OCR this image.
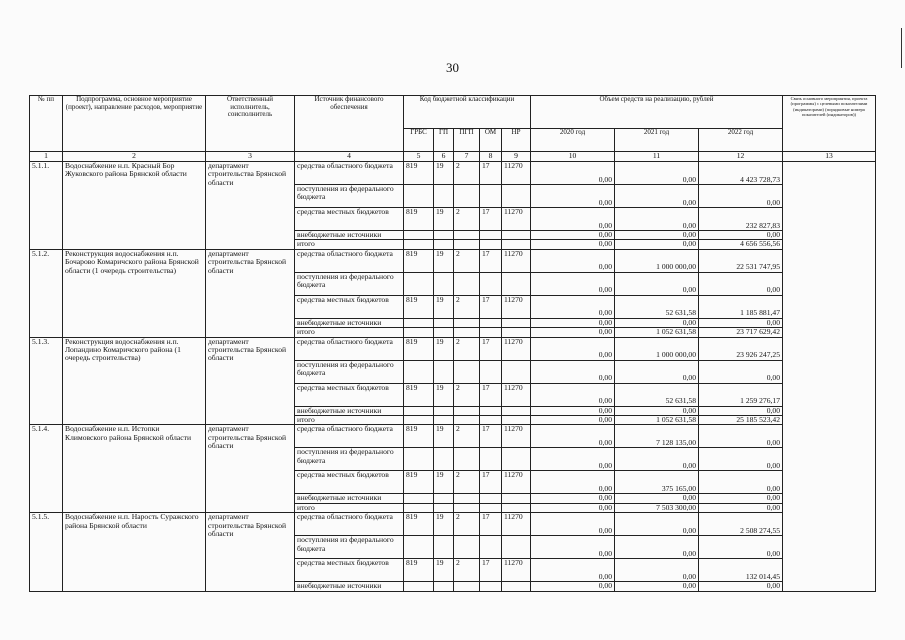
30
№ пп	Подпрограмма, основное мероприятие (проект), направление расходов, мероприятие	Ответственный исполнитель, соисполнитель	Источник финансового обеспечения	Код бюджетной классификации					Объем средств на реализацию, рублей			Связь основного мероприятия, проекта (программы) с целевыми показателями (индикаторами) (порядковые номера показателей (индикаторов))
				ГРБС	ГП	ПГП	ОМ	НР	2020 год	2021 год	2022 год	
1	2	3	4	5	6	7	8	9	10	11	12	13
5.1.1.	Водоснабжение н.п. Красный Бор Жуковского района Брянской области	департамент строительства Брянской области	средства областного бюджета	819	19	2	17	11270	0,00	0,00	4 423 728,73	
			поступления из федерального бюджета						0,00	0,00	0,00	
			средства местных бюджетов	819	19	2	17	11270	0,00	0,00	232 827,83	
			внебюджетные источники						0,00	0,00	0,00	
			итого						0,00	0,00	4 656 556,56	
5.1.2.	Реконструкция водоснабжения н.п. Бочарово Комаричского района Брянской области (1 очередь строительства)	департамент строительства Брянской области	средства областного бюджета	819	19	2	17	11270	0,00	1 000 000,00	22 531 747,95	
			поступления из федерального бюджета						0,00	0,00	0,00	
			средства местных бюджетов	819	19	2	17	11270	0,00	52 631,58	1 185 881,47	
			внебюджетные источники						0,00	0,00	0,00	
			итого						0,00	1 052 631,58	23 717 629,42	
5.1.3.	Реконструкция водоснабжения н.п. Лопандино Комаричского района (1 очередь строительства)	департамент строительства Брянской области	средства областного бюджета	819	19	2	17	11270	0,00	1 000 000,00	23 926 247,25	
			поступления из федерального бюджета						0,00	0,00	0,00	
			средства местных бюджетов	819	19	2	17	11270	0,00	52 631,58	1 259 276,17	
			внебюджетные источники						0,00	0,00	0,00	
			итого						0,00	1 052 631,58	25 185 523,42	
5.1.4.	Водоснабжение н.п. Истопки Климовского района Брянской области	департамент строительства Брянской области	средства областного бюджета	819	19	2	17	11270	0,00	7 128 135,00	0,00	
			поступления из федерального бюджета						0,00	0,00	0,00	
			средства местных бюджетов	819	19	2	17	11270	0,00	375 165,00	0,00	
			внебюджетные источники						0,00	0,00	0,00	
			итого						0,00	7 503 300,00	0,00	
5.1.5.	Водоснабжение н.п. Нарость Суражского района Брянской области	департамент строительства Брянской области	средства областного бюджета	819	19	2	17	11270	0,00	0,00	2 508 274,55	
			поступления из федерального бюджета						0,00	0,00	0,00	
			средства местных бюджетов	819	19	2	17	11270	0,00	0,00	132 014,45	
			внебюджетные источники						0,00	0,00	0,00	
